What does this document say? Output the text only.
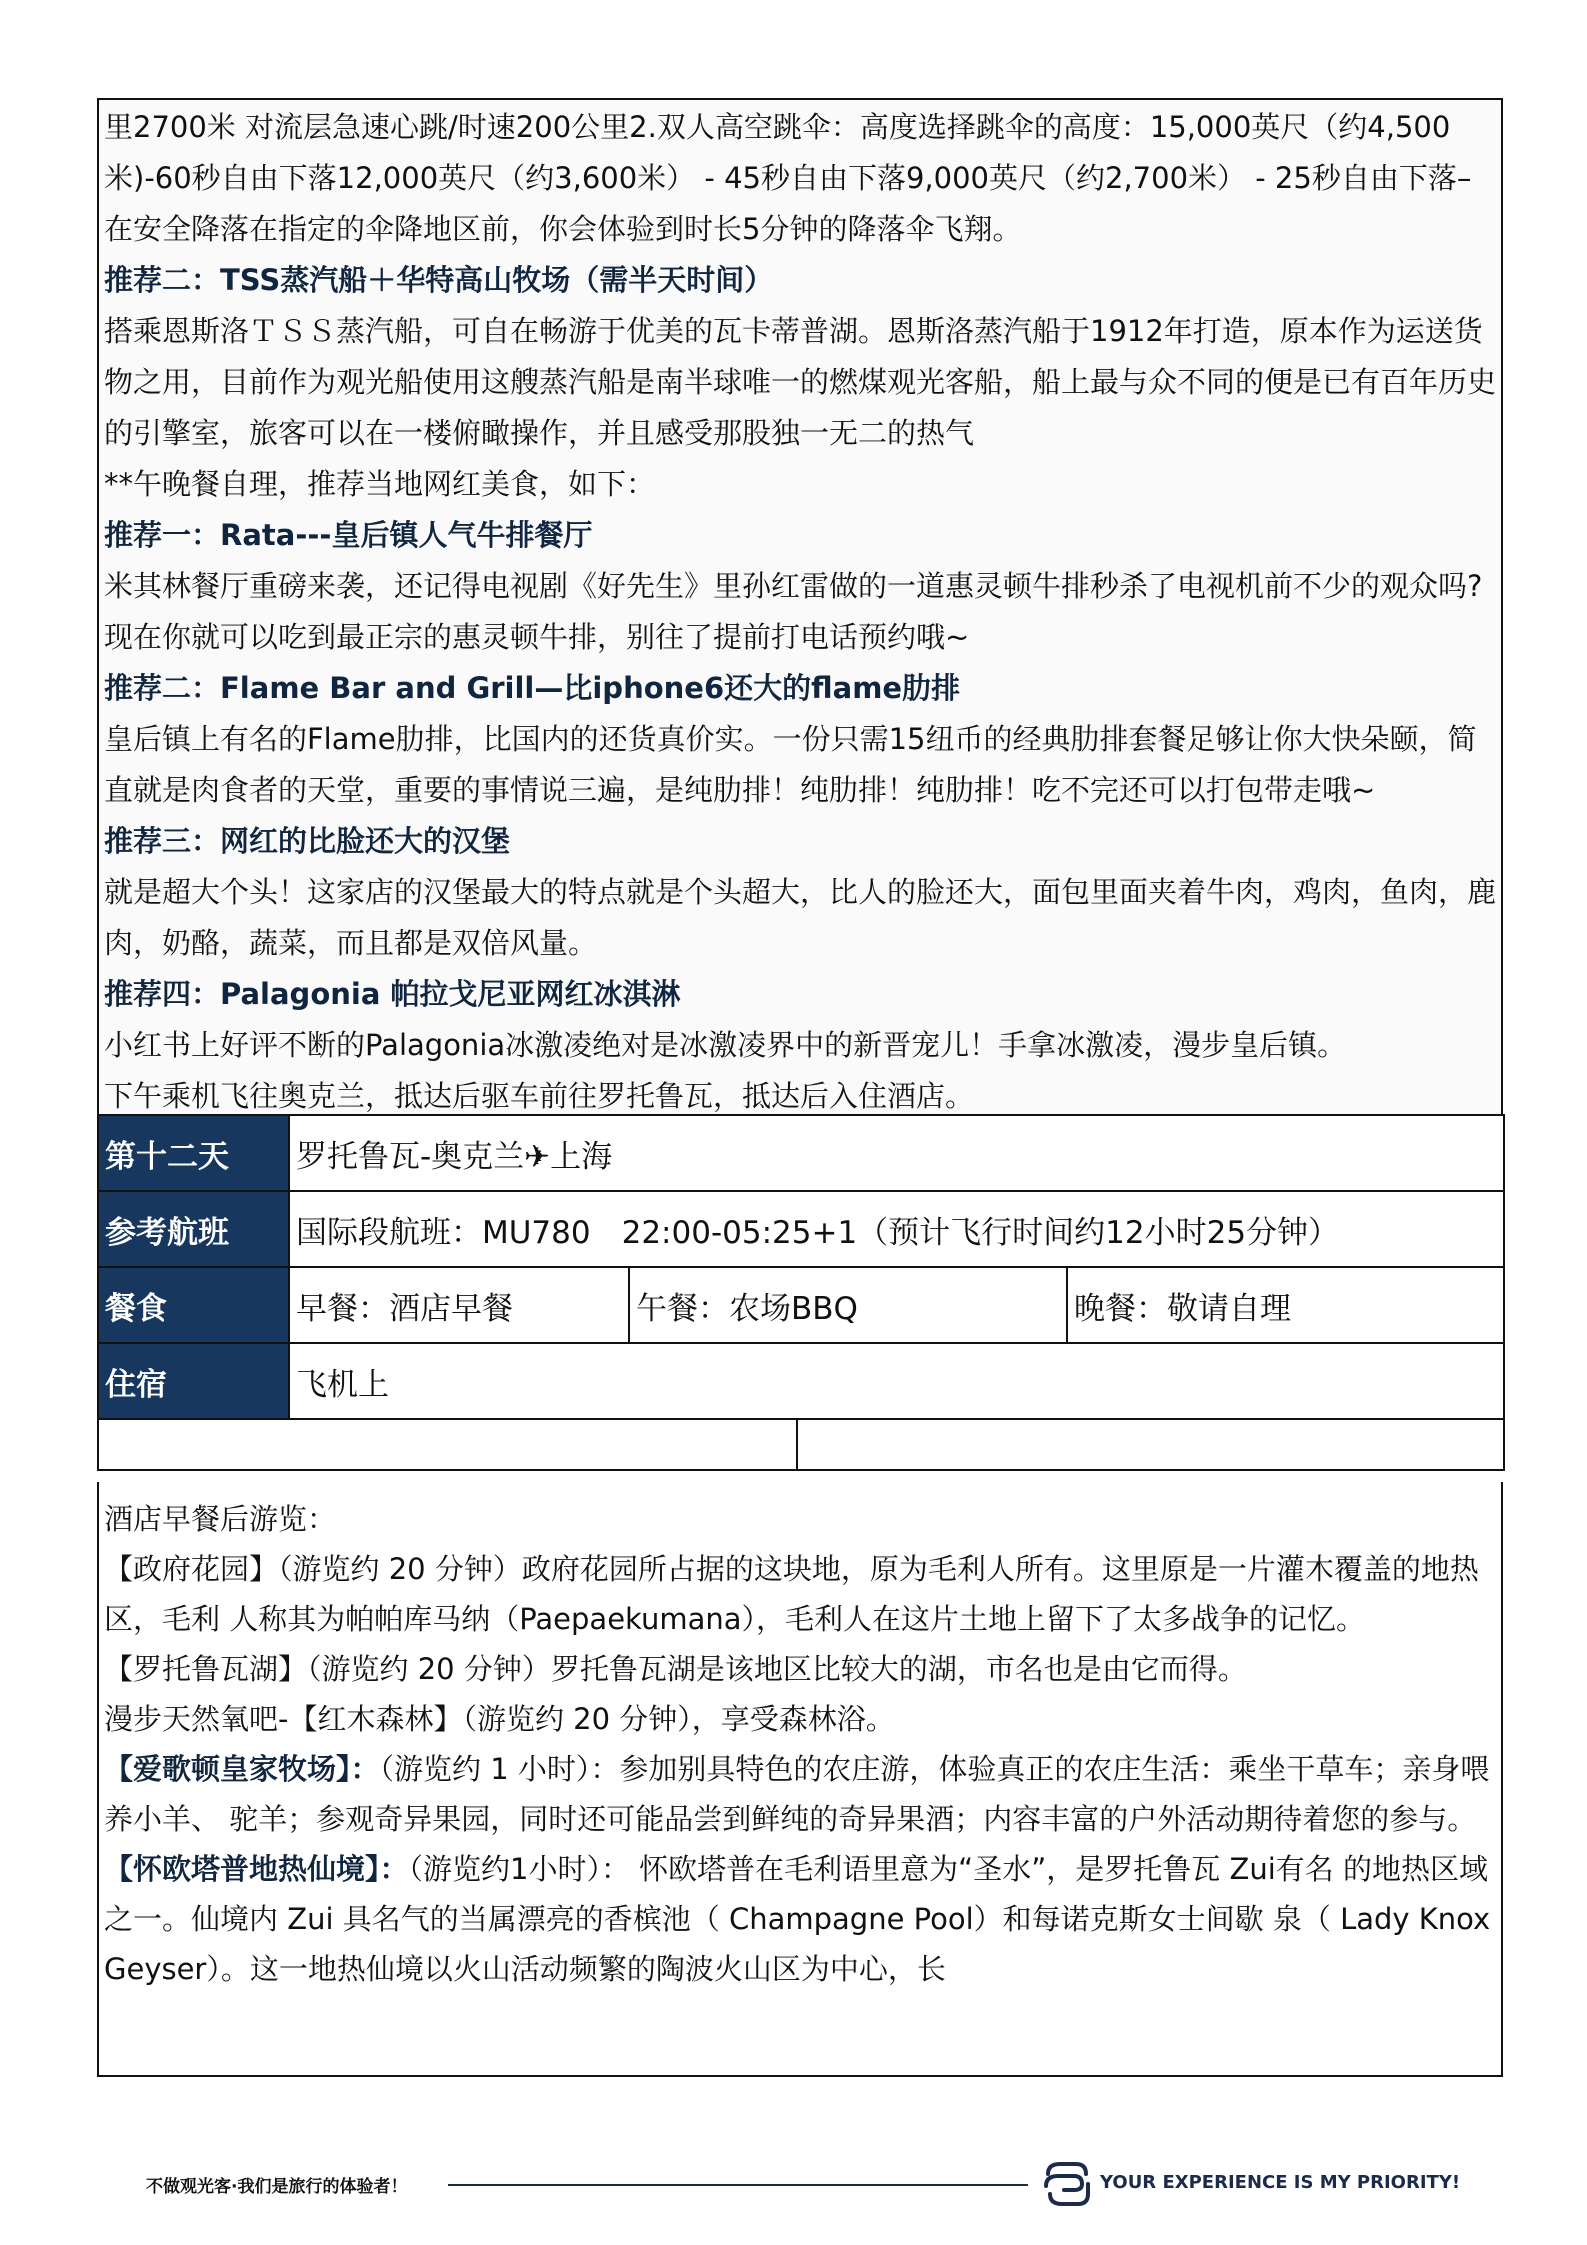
里2700米 对流层急速心跳/时速200公里2.双人高空跳伞：高度选择跳伞的高度：15,000英尺（约4,500米)-60秒自由下落12,000英尺（约3,600米） - 45秒自由下落9,000英尺（约2,700米） - 25秒自由下落– 在安全降落在指定的伞降地区前，你会体验到时长5分钟的降落伞飞翔。

推荐二：TSS蒸汽船＋华特高山牧场（需半天时间）

搭乘恩斯洛ＴＳＳ蒸汽船，可自在畅游于优美的瓦卡蒂普湖。恩斯洛蒸汽船于1912年打造，原本作为运送货物之用，目前作为观光船使用这艘蒸汽船是南半球唯一的燃煤观光客船，船上最与众不同的便是已有百年历史的引擎室，旅客可以在一楼俯瞰操作，并且感受那股独一无二的热气

**午晚餐自理，推荐当地网红美食，如下：

推荐一：Rata---皇后镇人气牛排餐厅

米其林餐厅重磅来袭，还记得电视剧《好先生》里孙红雷做的一道惠灵顿牛排秒杀了电视机前不少的观众吗?现在你就可以吃到最正宗的惠灵顿牛排，别往了提前打电话预约哦~

推荐二：Flame Bar and Grill—比iphone6还大的flame肋排

皇后镇上有名的Flame肋排，比国内的还货真价实。一份只需15纽币的经典肋排套餐足够让你大快朵颐，简直就是肉食者的天堂，重要的事情说三遍，是纯肋排！纯肋排！纯肋排！吃不完还可以打包带走哦~

推荐三：网红的比脸还大的汉堡

就是超大个头！这家店的汉堡最大的特点就是个头超大，比人的脸还大，面包里面夹着牛肉，鸡肉，鱼肉，鹿肉，奶酪，蔬菜，而且都是双倍风量。

推荐四：Palagonia 帕拉戈尼亚网红冰淇淋

小红书上好评不断的Palagonia冰激凌绝对是冰激凌界中的新晋宠儿！手拿冰激凌，漫步皇后镇。

下午乘机飞往奥克兰，抵达后驱车前往罗托鲁瓦，抵达后入住酒店。

第十二天	罗托鲁瓦-奥克兰✈上海			
参考航班	国际段航班：MU780　22:00-05:25+1（预计飞行时间约12小时25分钟）			
餐食	早餐：酒店早餐	午餐：农场BBQ		晚餐：敬请自理
住宿	飞机上			

酒店早餐后游览：

【政府花园】（游览约 20 分钟）政府花园所占据的这块地，原为毛利人所有。这里原是一片灌木覆盖的地热区，毛利 人称其为帕帕库马纳（Paepaekumana），毛利人在这片土地上留下了太多战争的记忆。

【罗托鲁瓦湖】（游览约 20 分钟）罗托鲁瓦湖是该地区比较大的湖，市名也是由它而得。

漫步天然氧吧-【红木森林】（游览约 20 分钟），享受森林浴。

【爱歌顿皇家牧场】：（游览约 1 小时）：参加别具特色的农庄游，体验真正的农庄生活：乘坐干草车；亲身喂养小羊、 驼羊；参观奇异果园，同时还可能品尝到鲜纯的奇异果酒；内容丰富的户外活动期待着您的参与。

【怀欧塔普地热仙境】：（游览约1小时）： 怀欧塔普在毛利语里意为“圣水”，是罗托鲁瓦 Zui有名 的地热区域之一。仙境内 Zui 具名气的当属漂亮的香槟池（ Champagne Pool）和每诺克斯女士间歇 泉（ Lady Knox Geyser）。这一地热仙境以火山活动频繁的陶波火山区为中心，长

不做观光客·我们是旅行的体验者！	YOUR EXPERIENCE IS MY PRIORITY!
